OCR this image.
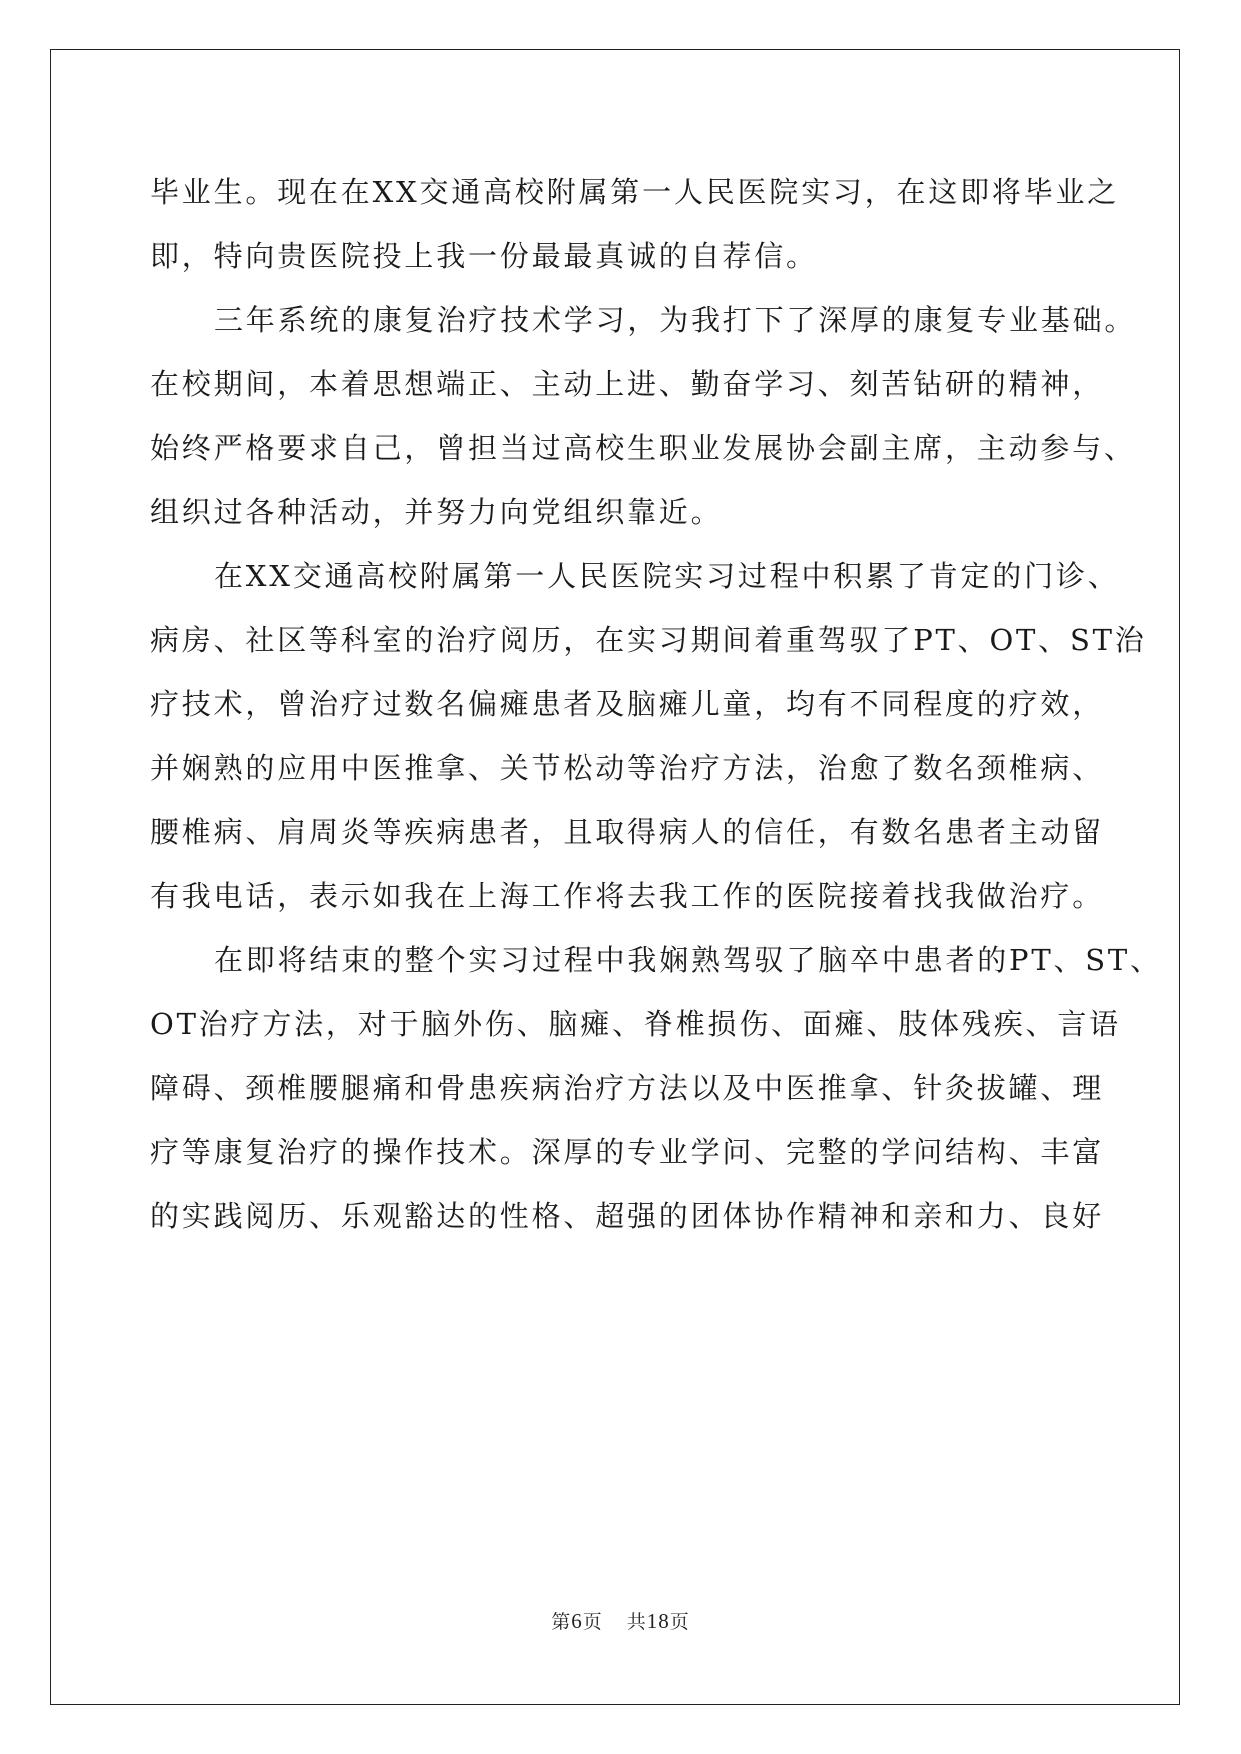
毕业生。现在在XX交通高校附属第一人民医院实习，在这即将毕业之
即，特向贵医院投上我一份最最真诚的自荐信。
三年系统的康复治疗技术学习，为我打下了深厚的康复专业基础。
在校期间，本着思想端正、主动上进、勤奋学习、刻苦钻研的精神，
始终严格要求自己，曾担当过高校生职业发展协会副主席，主动参与、
组织过各种活动，并努力向党组织靠近。
在XX交通高校附属第一人民医院实习过程中积累了肯定的门诊、
病房、社区等科室的治疗阅历，在实习期间着重驾驭了PT、OT、ST治
疗技术，曾治疗过数名偏瘫患者及脑瘫儿童，均有不同程度的疗效，
并娴熟的应用中医推拿、关节松动等治疗方法，治愈了数名颈椎病、
腰椎病、肩周炎等疾病患者，且取得病人的信任，有数名患者主动留
有我电话，表示如我在上海工作将去我工作的医院接着找我做治疗。
在即将结束的整个实习过程中我娴熟驾驭了脑卒中患者的PT、ST、
OT治疗方法，对于脑外伤、脑瘫、脊椎损伤、面瘫、肢体残疾、言语
障碍、颈椎腰腿痛和骨患疾病治疗方法以及中医推拿、针灸拔罐、理
疗等康复治疗的操作技术。深厚的专业学问、完整的学问结构、丰富
的实践阅历、乐观豁达的性格、超强的团体协作精神和亲和力、良好
第6页 共18页
